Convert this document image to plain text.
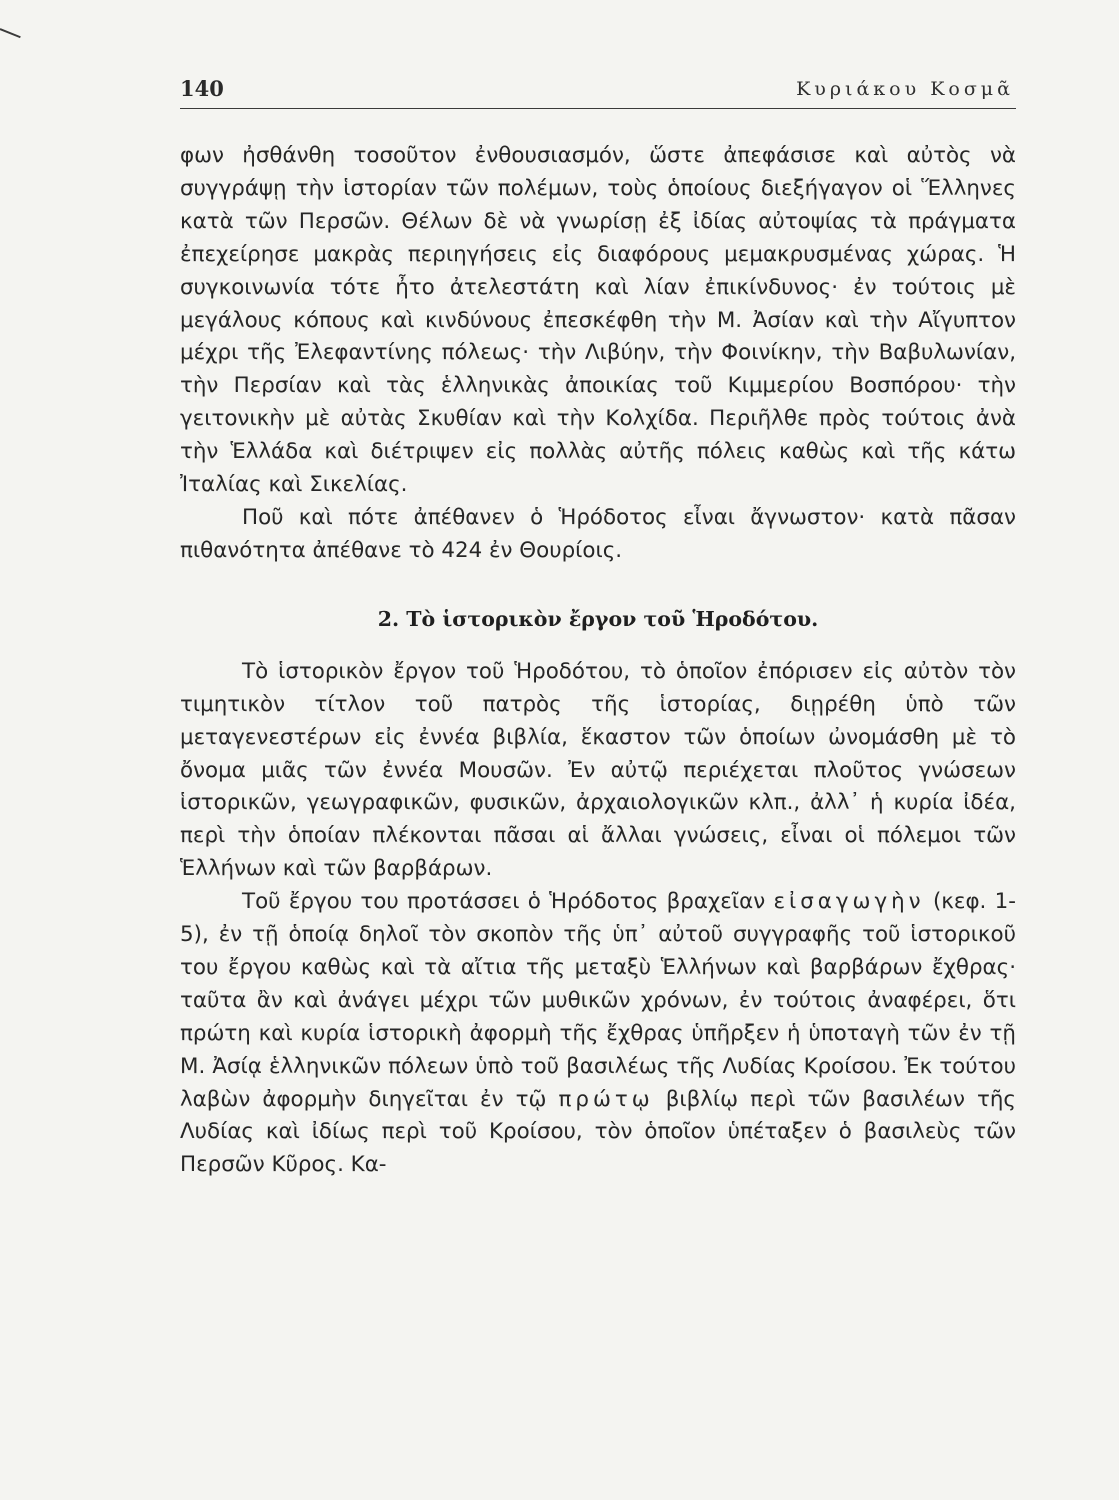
140	Κυριάκου Κοσμᾶ

φων ἠσθάνθη τοσοῦτον ἐνθουσιασμόν, ὥστε ἀπεφάσισε καὶ αὐτὸς νὰ συγγράψῃ τὴν ἱστορίαν τῶν πολέμων, τοὺς ὁποίους διεξήγαγον οἱ Ἕλληνες κατὰ τῶν Περσῶν. Θέλων δὲ νὰ γνωρίσῃ ἐξ ἰδίας αὐτοψίας τὰ πράγματα ἐπεχείρησε μακρὰς περιηγήσεις εἰς διαφόρους μεμακρυσμένας χώρας. Ἡ συγκοινωνία τότε ἦτο ἀτελεστάτη καὶ λίαν ἐπικίνδυνος· ἐν τούτοις μὲ μεγάλους κόπους καὶ κινδύνους ἐπεσκέφθη τὴν Μ. Ἀσίαν καὶ τὴν Αἴγυπτον μέχρι τῆς Ἐλεφαντίνης πόλεως· τὴν Λιβύην, τὴν Φοινίκην, τὴν Βαβυλωνίαν, τὴν Περσίαν καὶ τὰς ἑλληνικὰς ἀποικίας τοῦ Κιμμερίου Βοσπόρου· τὴν γειτονικὴν μὲ αὐτὰς Σκυθίαν καὶ τὴν Κολχίδα. Περιῆλθε πρὸς τούτοις ἀνὰ τὴν Ἑλλάδα καὶ διέτριψεν εἰς πολλὰς αὐτῆς πόλεις καθὼς καὶ τῆς κάτω Ἰταλίας καὶ Σικελίας.

Ποῦ καὶ πότε ἀπέθανεν ὁ Ἡρόδοτος εἶναι ἄγνωστον· κατὰ πᾶσαν πιθανότητα ἀπέθανε τὸ 424 ἐν Θουρίοις.

2. Τὸ ἱστορικὸν ἔργον τοῦ Ἡροδότου.

Τὸ ἱστορικὸν ἔργον τοῦ Ἡροδότου, τὸ ὁποῖον ἐπόρισεν εἰς αὐτὸν τὸν τιμητικὸν τίτλον τοῦ πατρὸς τῆς ἱστορίας, διῃρέθη ὑπὸ τῶν μεταγενεστέρων εἰς ἐννέα βιβλία, ἕκαστον τῶν ὁποίων ὠνομάσθη μὲ τὸ ὄνομα μιᾶς τῶν ἐννέα Μουσῶν. Ἐν αὐτῷ περιέχεται πλοῦτος γνώσεων ἱστορικῶν, γεωγραφικῶν, φυσικῶν, ἀρχαιολογικῶν κλπ., ἀλλ᾽ ἡ κυρία ἰδέα, περὶ τὴν ὁποίαν πλέκονται πᾶσαι αἱ ἄλλαι γνώσεις, εἶναι οἱ πόλεμοι τῶν Ἑλλήνων καὶ τῶν βαρβάρων.

Τοῦ ἔργου του προτάσσει ὁ Ἡρόδοτος βραχεῖαν εἰσαγωγὴν (κεφ. 1-5), ἐν τῇ ὁποίᾳ δηλοῖ τὸν σκοπὸν τῆς ὑπ᾽ αὐτοῦ συγγραφῆς τοῦ ἱστορικοῦ του ἔργου καθὼς καὶ τὰ αἴτια τῆς μεταξὺ Ἑλλήνων καὶ βαρβάρων ἔχθρας· ταῦτα ἂν καὶ ἀνάγει μέχρι τῶν μυθικῶν χρόνων, ἐν τούτοις ἀναφέρει, ὅτι πρώτη καὶ κυρία ἱστορικὴ ἀφορμὴ τῆς ἔχθρας ὑπῆρξεν ἡ ὑποταγὴ τῶν ἐν τῇ Μ. Ἀσίᾳ ἑλληνικῶν πόλεων ὑπὸ τοῦ βασιλέως τῆς Λυδίας Κροίσου. Ἐκ τούτου λαβὼν ἀφορμὴν διηγεῖται ἐν τῷ πρώτῳ βιβλίῳ περὶ τῶν βασιλέων τῆς Λυδίας καὶ ἰδίως περὶ τοῦ Κροίσου, τὸν ὁποῖον ὑπέταξεν ὁ βασιλεὺς τῶν Περσῶν Κῦρος. Κα-
